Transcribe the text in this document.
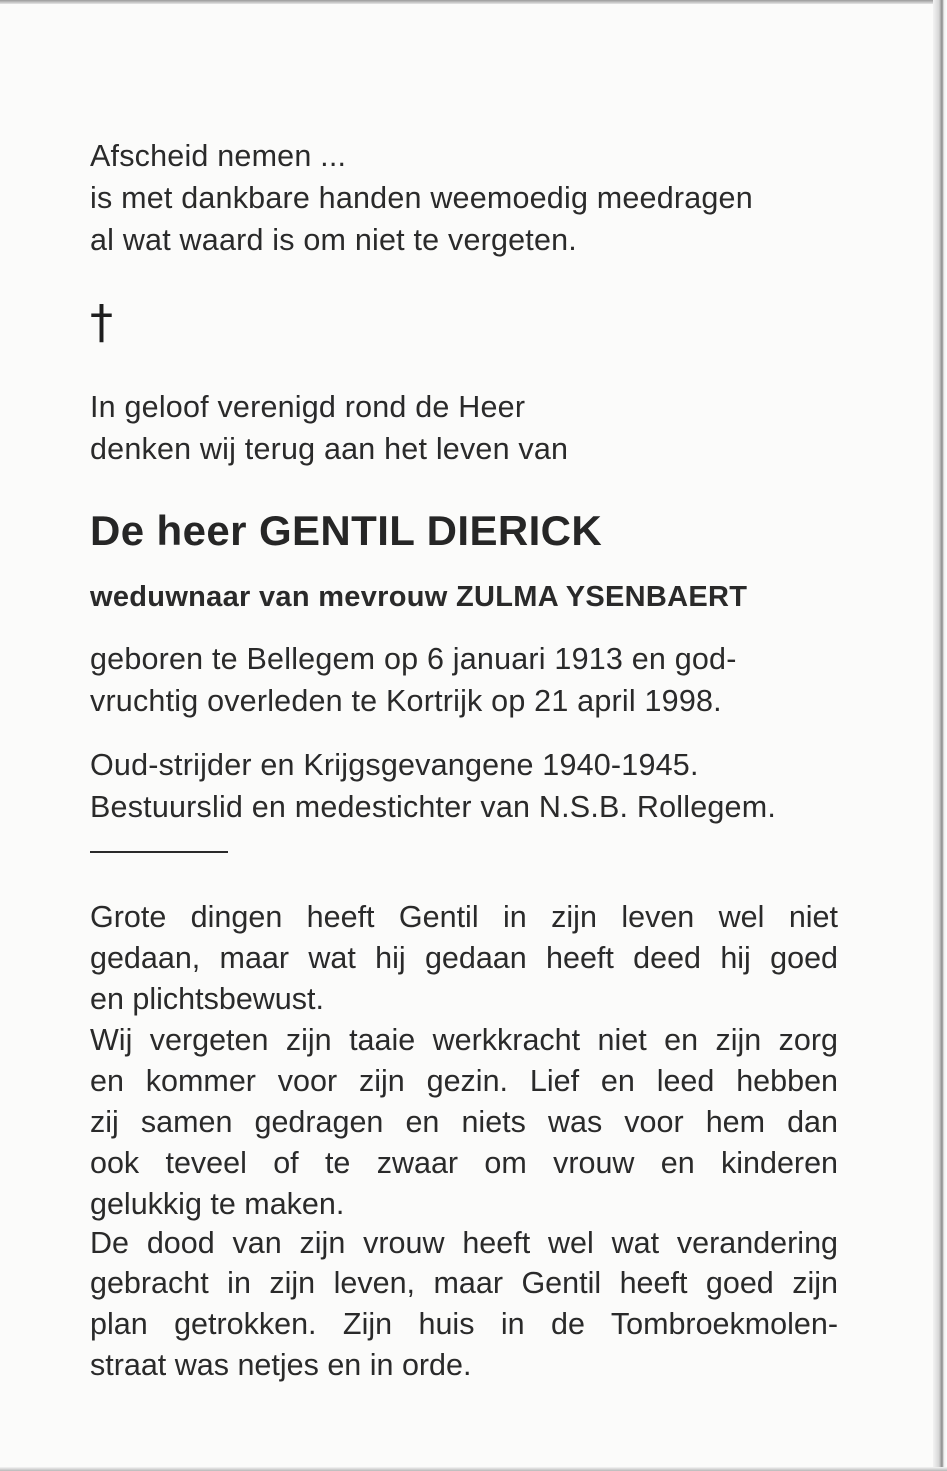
Afscheid nemen ...
is met dankbare handen weemoedig meedragen
al wat waard is om niet te vergeten.
†
In geloof verenigd rond de Heer
denken wij terug aan het leven van
De heer GENTIL DIERICK
weduwnaar van mevrouw ZULMA YSENBAERT
geboren te Bellegem op 6 januari 1913 en god-
vruchtig overleden te Kortrijk op 21 april 1998.
Oud-strijder en Krijgsgevangene 1940-1945.
Bestuurslid en medestichter van N.S.B. Rollegem.
Grote dingen heeft Gentil in zijn leven wel niet
gedaan, maar wat hij gedaan heeft deed hij goed
en plichtsbewust.
Wij vergeten zijn taaie werkkracht niet en zijn zorg
en kommer voor zijn gezin. Lief en leed hebben
zij samen gedragen en niets was voor hem dan
ook teveel of te zwaar om vrouw en kinderen
gelukkig te maken.
De dood van zijn vrouw heeft wel wat verandering
gebracht in zijn leven, maar Gentil heeft goed zijn
plan getrokken. Zijn huis in de Tombroekmolen-
straat was netjes en in orde.
